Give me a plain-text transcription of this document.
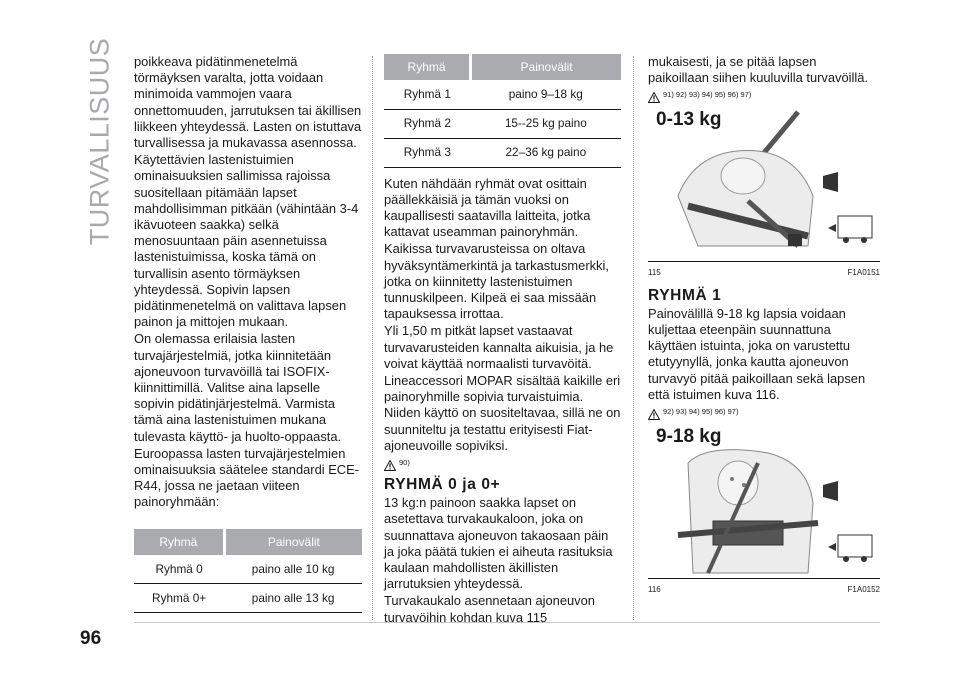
TURVALLISUUS
96

poikkeava pidätinmenetelmä törmäyksen varalta, jotta voidaan minimoida vammojen vaara onnettomuuden, jarrutuksen tai äkillisen liikkeen yhteydessä. Lasten on istuttava turvallisessa ja mukavassa asennossa.

Käytettävien lastenistuimien ominaisuuksien sallimissa rajoissa suositellaan pitämään lapset mahdollisimman pitkään (vähintään 3-4 ikävuoteen saakka) selkä menosuuntaan päin asennetuissa lastenistuimissa, koska tämä on turvallisin asento törmäyksen yhteydessä. Sopivin lapsen pidätinmenetelmä on valittava lapsen painon ja mittojen mukaan.

On olemassa erilaisia lasten turvajärjestelmiä, jotka kiinnitetään ajoneuvoon turvavöillä tai ISOFIX-kiinnittimillä. Valitse aina lapselle sopivin pidätinjärjestelmä. Varmista tämä aina lastenistuimen mukana tulevasta käyttö- ja huolto-oppaasta.

Euroopassa lasten turvajärjestelmien ominaisuuksia säätelee standardi ECE-R44, jossa ne jaetaan viiteen painoryhmään:

Ryhmä	Painovälit
Ryhmä 0	paino alle 10 kg
Ryhmä 0+	paino alle 13 kg
Ryhmä	Painovälit
Ryhmä 1	paino 9–18 kg
Ryhmä 2	15--25 kg paino
Ryhmä 3	22–36 kg paino

Kuten nähdään ryhmät ovat osittain päällekkäisiä ja tämän vuoksi on kaupallisesti saatavilla laitteita, jotka kattavat useamman painoryhmän.

Kaikissa turvavarusteissa on oltava hyväksyntämerkintä ja tarkastusmerkki, jotka on kiinnitetty lastenistuimen tunnuskilpeen. Kilpeä ei saa missään tapauksessa irrottaa.

Yli 1,50 m pitkät lapset vastaavat turvavarusteiden kannalta aikuisia, ja he voivat käyttää normaalisti turvavöitä.

Lineaccessori MOPAR sisältää kaikille eri painoryhmille sopivia turvaistuimia. Niiden käyttö on suositeltavaa, sillä ne on suunniteltu ja testattu erityisesti Fiat-ajoneuvoille sopiviksi.

90)
RYHMÄ 0 ja 0+

13 kg:n painoon saakka lapset on asetettava turvakaukaloon, joka on suunnattava ajoneuvon takaosaan päin ja joka päätä tukien ei aiheuta rasituksia kaulaan mahdollisten äkillisten jarrutuksien yhteydessä.

Turvakaukalo asennetaan ajoneuvon turvavöihin kohdan kuva 115

mukaisesti, ja se pitää lapsen paikoillaan siihen kuuluvilla turvavöillä.

91) 92) 93) 94) 95) 96) 97)
0-13 kg
115	F1A0151
RYHMÄ 1

Painovälillä 9-18 kg lapsia voidaan kuljettaa eteenpäin suunnattuna käyttäen istuinta, joka on varustettu etutyynyllä, jonka kautta ajoneuvon turvavyö pitää paikoillaan sekä lapsen että istuimen kuva 116.

92) 93) 94) 95) 96) 97)
9-18 kg
116	F1A0152
